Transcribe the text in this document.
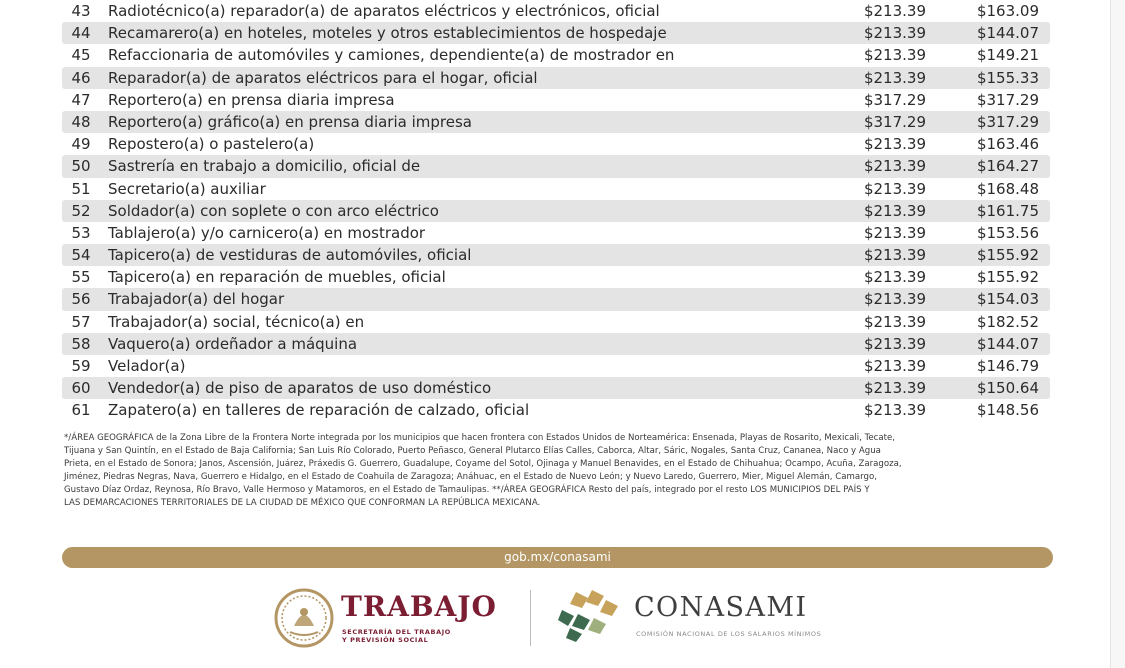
43 Radiotécnico(a) reparador(a) de aparatos eléctricos y electrónicos, oficial	$213.39	$163.09
44 Recamarero(a) en hoteles, moteles y otros establecimientos de hospedaje	$213.39	$144.07
45 Refaccionaria de automóviles y camiones, dependiente(a) de mostrador en	$213.39	$149.21
46 Reparador(a) de aparatos eléctricos para el hogar, oficial	$213.39	$155.33
47 Reportero(a) en prensa diaria impresa	$317.29	$317.29
48 Reportero(a) gráfico(a) en prensa diaria impresa	$317.29	$317.29
49 Repostero(a) o pastelero(a)	$213.39	$163.46
50 Sastrería en trabajo a domicilio, oficial de	$213.39	$164.27
51 Secretario(a) auxiliar	$213.39	$168.48
52 Soldador(a) con soplete o con arco eléctrico	$213.39	$161.75
53 Tablajero(a) y/o carnicero(a) en mostrador	$213.39	$153.56
54 Tapicero(a) de vestiduras de automóviles, oficial	$213.39	$155.92
55 Tapicero(a) en reparación de muebles, oficial	$213.39	$155.92
56 Trabajador(a) del hogar	$213.39	$154.03
57 Trabajador(a) social, técnico(a) en	$213.39	$182.52
58 Vaquero(a) ordeñador a máquina	$213.39	$144.07
59 Velador(a)	$213.39	$146.79
60 Vendedor(a) de piso de aparatos de uso doméstico	$213.39	$150.64
61 Zapatero(a) en talleres de reparación de calzado, oficial	$213.39	$148.56
*/ÁREA GEOGRÁFICA de la Zona Libre de la Frontera Norte integrada por los municipios que hacen frontera con Estados Unidos de Norteamérica: Ensenada, Playas de Rosarito, Mexicali, Tecate,
Tijuana y San Quintín, en el Estado de Baja California; San Luis Río Colorado, Puerto Peñasco, General Plutarco Elías Calles, Caborca, Altar, Sáric, Nogales, Santa Cruz, Cananea, Naco y Agua
Prieta, en el Estado de Sonora; Janos, Ascensión, Juárez, Práxedis G. Guerrero, Guadalupe, Coyame del Sotol, Ojinaga y Manuel Benavides, en el Estado de Chihuahua; Ocampo, Acuña, Zaragoza,
Jiménez, Piedras Negras, Nava, Guerrero e Hidalgo, en el Estado de Coahuila de Zaragoza; Anáhuac, en el Estado de Nuevo León; y Nuevo Laredo, Guerrero, Mier, Miguel Alemán, Camargo,
Gustavo Díaz Ordaz, Reynosa, Río Bravo, Valle Hermoso y Matamoros, en el Estado de Tamaulipas. **/ÁREA GEOGRÁFICA Resto del país, integrado por el resto LOS MUNICIPIOS DEL PAÍS Y
LAS DEMARCACIONES TERRITORIALES DE LA CIUDAD DE MÉXICO QUE CONFORMAN LA REPÚBLICA MEXICANA.
gob.mx/conasami
TRABAJO
SECRETARÍA DEL TRABAJO
Y PREVISIÓN SOCIAL
CONASAMI
COMISIÓN NACIONAL DE LOS SALARIOS MÍNIMOS
